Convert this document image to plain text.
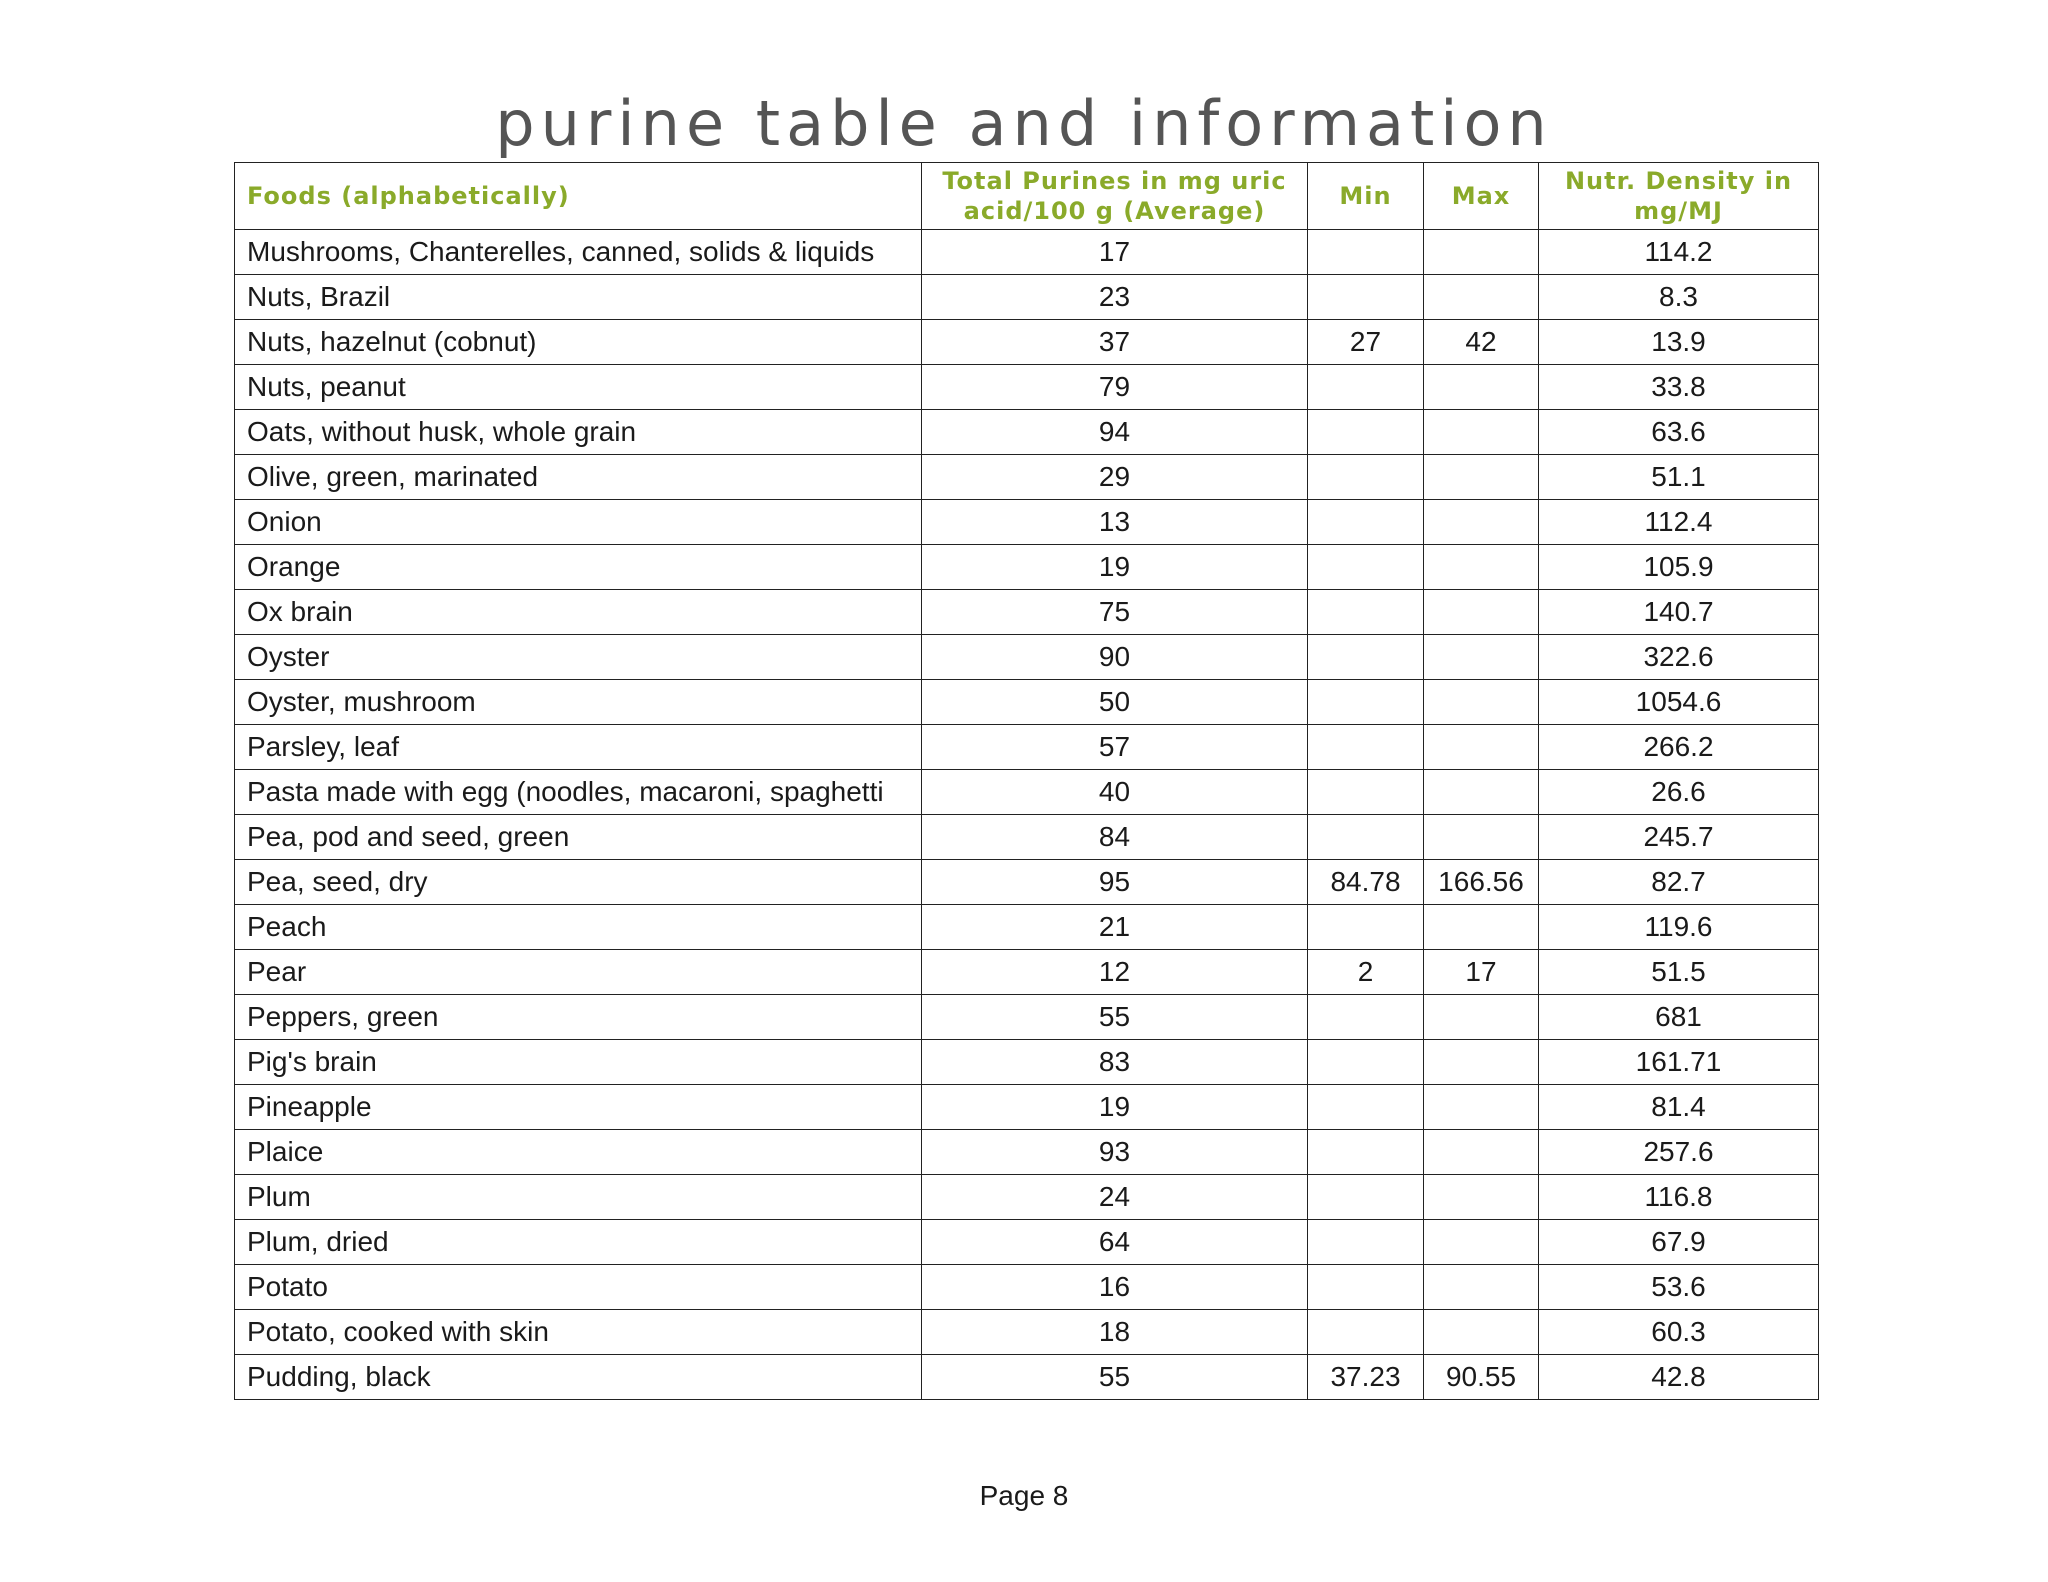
purine table and information
Foods (alphabetically)	Total Purines in mg uric acid/100 g (Average)	Min	Max	Nutr. Density in mg/MJ
Mushrooms, Chanterelles, canned, solids & liquids	17			114.2
Nuts, Brazil	23			8.3
Nuts, hazelnut (cobnut)	37	27	42	13.9
Nuts, peanut	79			33.8
Oats, without husk, whole grain	94			63.6
Olive, green, marinated	29			51.1
Onion	13			112.4
Orange	19			105.9
Ox brain	75			140.7
Oyster	90			322.6
Oyster, mushroom	50			1054.6
Parsley, leaf	57			266.2
Pasta made with egg (noodles, macaroni, spaghetti	40			26.6
Pea, pod and seed, green	84			245.7
Pea, seed, dry	95	84.78	166.56	82.7
Peach	21			119.6
Pear	12	2	17	51.5
Peppers, green	55			681
Pig's brain	83			161.71
Pineapple	19			81.4
Plaice	93			257.6
Plum	24			116.8
Plum, dried	64			67.9
Potato	16			53.6
Potato, cooked with skin	18			60.3
Pudding, black	55	37.23	90.55	42.8
Page 8
